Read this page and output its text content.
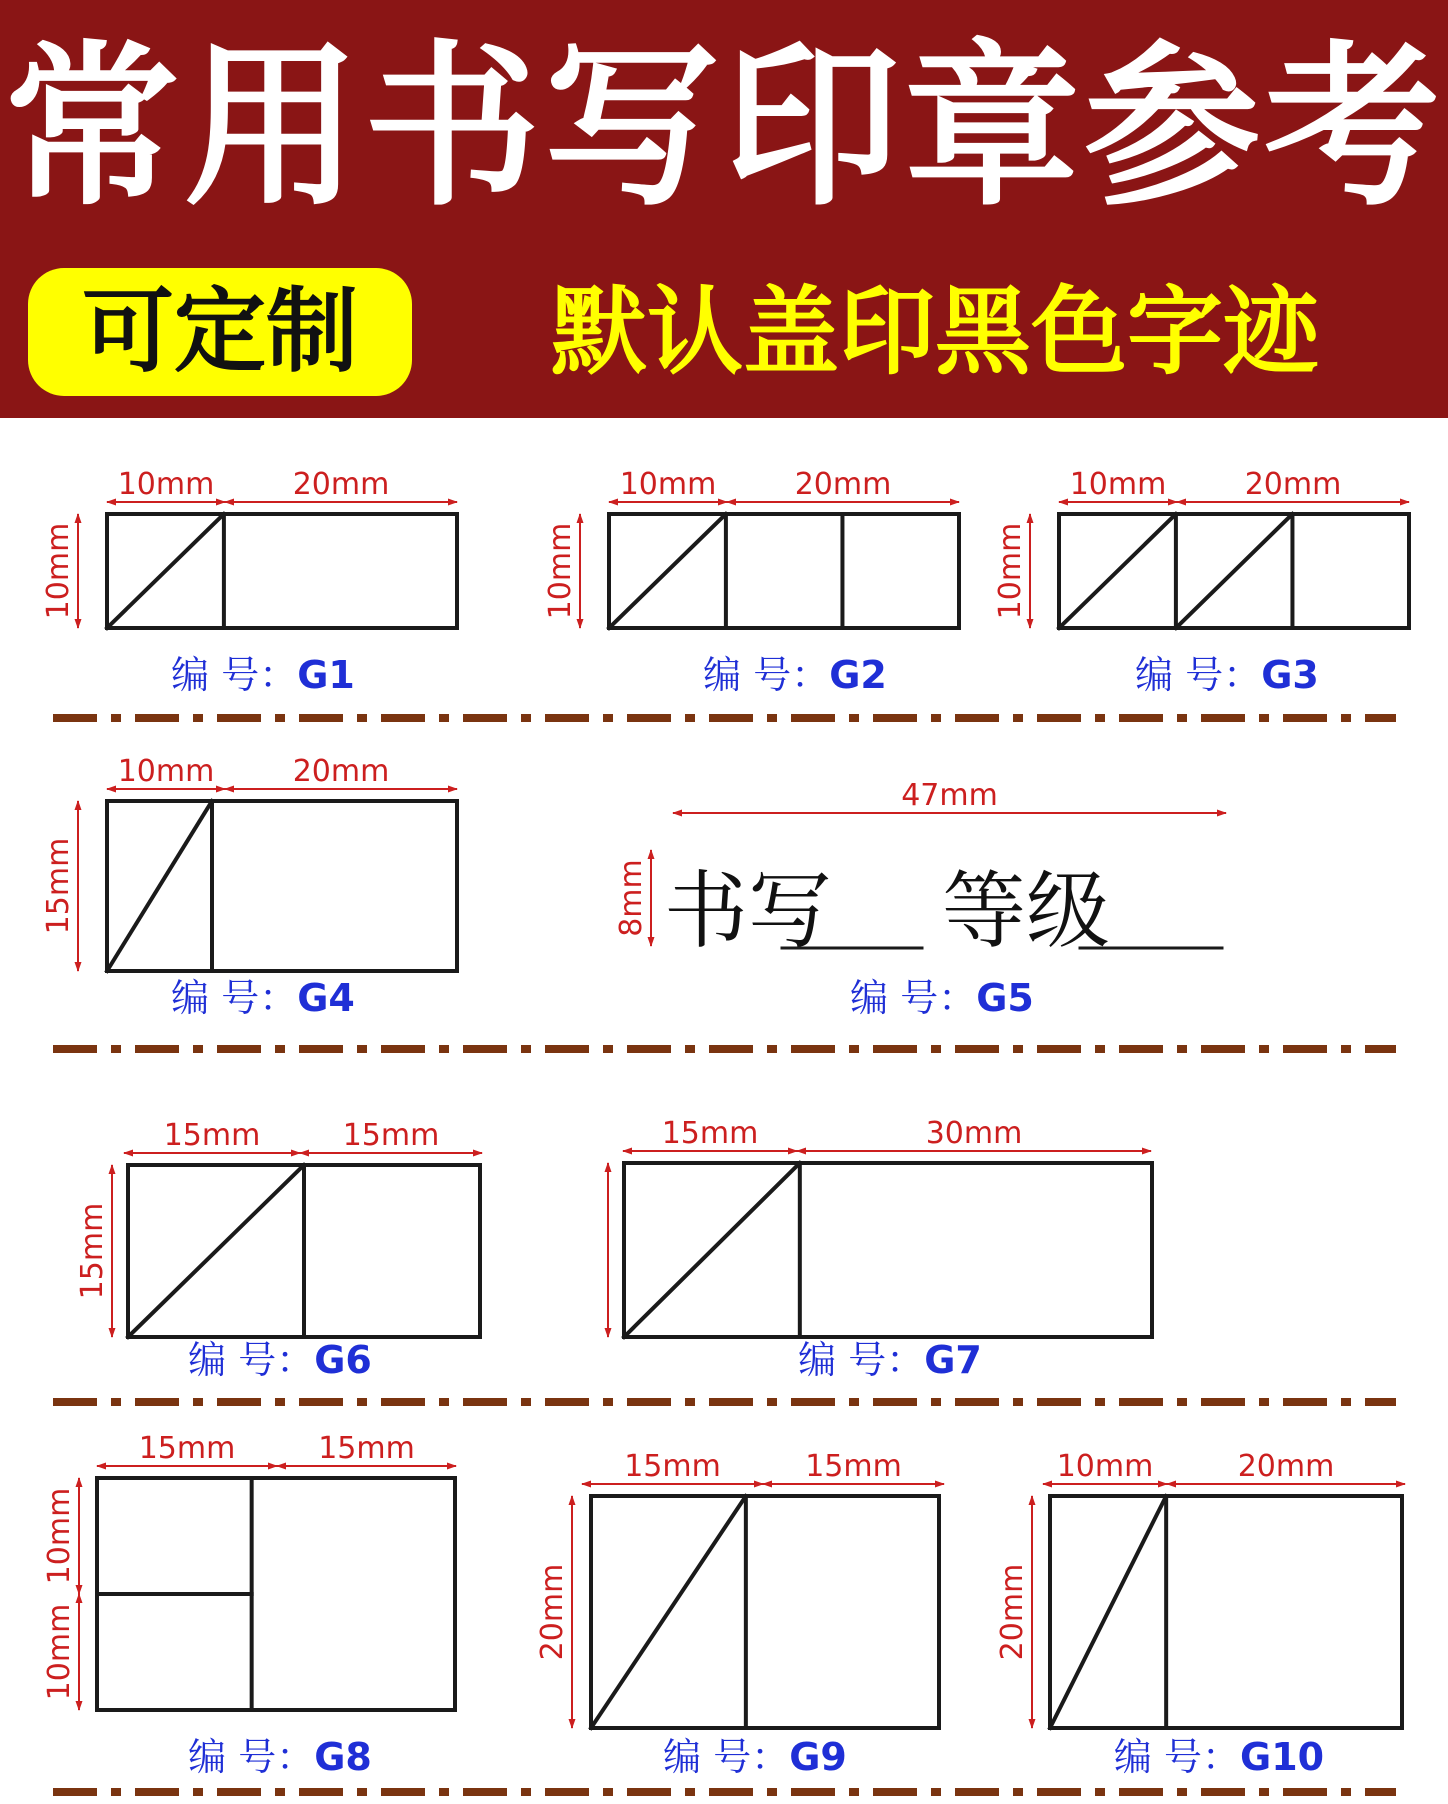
常用书写印章参考
可定制	默认盖印黑色字迹
10mm	20mm
10mm
编 号：G1
10mm	20mm
10mm
编 号：G2
10mm	20mm
10mm
编 号：G3
10mm	20mm
15mm
编 号：G4
47mm
8mm 书写 等级
编 号：G5
15mm	15mm
15mm
编 号：G6
15mm	30mm
编 号：G7
15mm	15mm
10mm
10mm
编 号：G8
15mm	15mm
20mm
编 号：G9
10mm	20mm
20mm
编 号：G10
